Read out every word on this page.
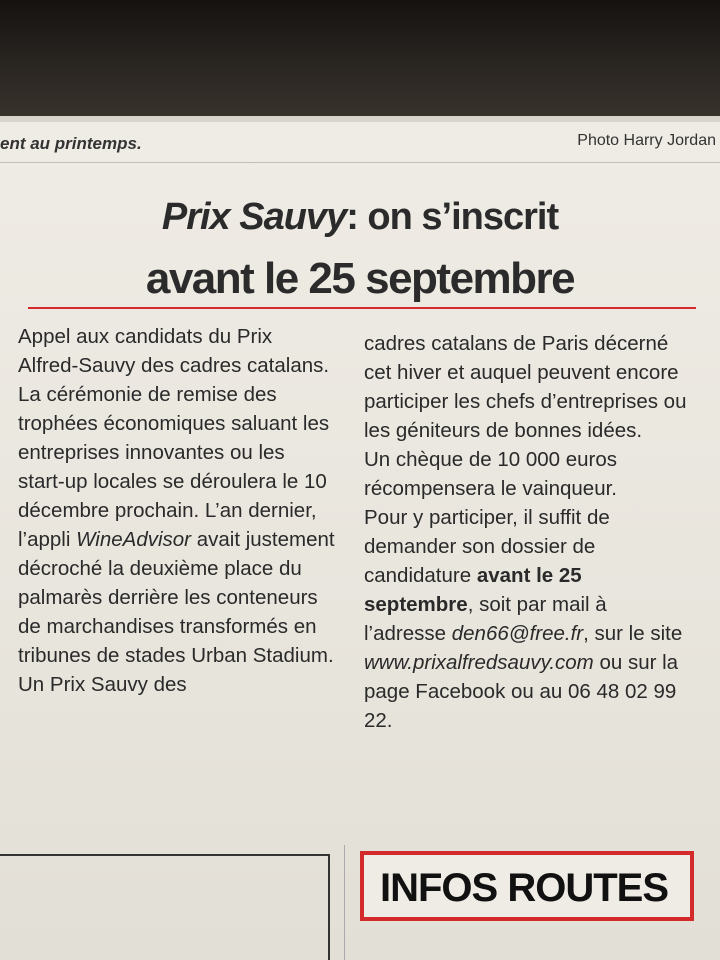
ent au printemps.	Photo Harry Jordan
Prix Sauvy: on s’inscrit
avant le 25 septembre

Appel aux candidats du Prix Alfred-Sauvy des cadres catalans.

La cérémonie de remise des trophées économiques saluant les entreprises innovantes ou les start-up locales se déroulera le 10 décembre prochain. L’an dernier, l’appli WineAdvisor avait justement décroché la deuxième place du palmarès derrière les conteneurs de marchandises transformés en tribunes de stades Urban Stadium. Un Prix Sauvy des

cadres catalans de Paris décerné cet hiver et auquel peuvent encore participer les chefs d’entreprises ou les géniteurs de bonnes idées.

Un chèque de 10 000 euros récompensera le vainqueur.

Pour y participer, il suffit de demander son dossier de candidature avant le 25 septembre, soit par mail à l’adresse den66@free.fr, sur le site www.prixalfredsauvy.com ou sur la page Facebook ou au 06 48 02 99 22.

INFOS ROUTES
